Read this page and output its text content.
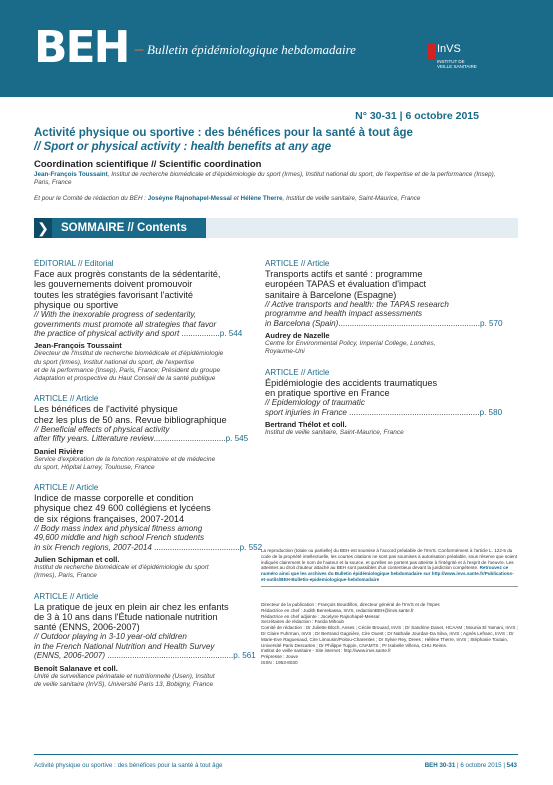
BEH --- Bulletin épidémiologique hebdomadaire	InVS
INSTITUT DE VEILLE SANITAIRE
N° 30-31 | 6 octobre 2015
Activité physique ou sportive : des bénéfices pour la santé à tout âge
// Sport or physical activity : health benefits at any age
Coordination scientifique // Scientific coordination
Jean-François Toussaint, Institut de recherche biomédicale et d'épidémiologie du sport (Irmes), Institut national du sport, de l'expertise et de la performance (Insep), Paris, France
Et pour le Comité de rédaction du BEH : Joséyne Rajnohapel-Messaï et Hélène Therre, Institut de veille sanitaire, Saint-Maurice, France
❯	SOMMAIRE // Contents

ÉDITORIAL // Editorial

Face aux progrès constants de la sédentarité,

les gouvernements doivent promouvoir

toutes les stratégies favorisant l'activité

physique ou sportive

// With the inexorable progress of sedentarity,

governments must promote all strategies that favor

the practice of physical activity and sport .................p. 544

Jean-François Toussaint

Directeur de l'Institut de recherche biomédicale et d'épidémiologie

du sport (Irmes), Institut national du sport, de l'expertise

et de la performance (Insep), Paris, France; Président du groupe

Adaptation et prospective du Haut Conseil de la santé publique

ARTICLE // Article

Les bénéfices de l'activité physique

chez les plus de 50 ans. Revue bibliographique

// Beneficial effects of physical activity

after fifty years. Litterature review................................p. 545

Daniel Rivière

Service d'exploration de la fonction respiratoire et de médecine

du sport, Hôpital Larrey, Toulouse, France

ARTICLE // Article

Indice de masse corporelle et condition

physique chez 49 600 collégiens et lycéens

de six régions françaises, 2007-2014

// Body mass index and physical fitness among

49,600 middle and high school French students

in six French regions, 2007-2014 ......................................p. 552

Julien Schipman et coll.

Institut de recherche biomédicale et d'épidémiologie du sport

(Irmes), Paris, France

ARTICLE // Article

La pratique de jeux en plein air chez les enfants

de 3 à 10 ans dans l'Étude nationale nutrition

santé (ENNS, 2006-2007)

// Outdoor playing in 3-10 year-old children

in the French National Nutrition and Health Survey

(ENNS, 2006-2007) ........................................................p. 561

Benoît Salanave et coll.

Unité de surveillance périnatale et nutritionnelle (Usen), Institut

de veille sanitaire (InVS), Université Paris 13, Bobigny, France

ARTICLE // Article

Transports actifs et santé : programme

européen TAPAS et évaluation d'impact

sanitaire à Barcelone (Espagne)

// Active transports and health: the TAPAS research

programme and health impact assessments

in Barcelona (Spain)...............................................................p. 570

Audrey de Nazelle

Centre for Environmental Policy, Imperial College, Londres,

Royaume-Uni

ARTICLE // Article

Épidémiologie des accidents traumatiques

en pratique sportive en France

// Epidemiology of traumatic

sport injuries in France ..........................................................p. 580

Bertrand Thélot et coll.

Institut de veille sanitaire, Saint-Maurice, France

La reproduction (totale ou partielle) du BEH est soumise à l'accord préalable de l'InVS. Conformément à l'article L. 122-5 du code de la propriété intellectuelle, les courtes citations ne sont pas soumises à autorisation préalable, sous réserve que soient indiqués clairement le nom de l'auteur et la source, et qu'elles ne portent pas atteinte à l'intégrité et à l'esprit de l'oeuvre. Les atteintes au droit d'auteur attaché au BEH sont passibles d'un contentieux devant la juridiction compétente. Retrouvez ce numéro ainsi que les archives du Bulletin épidémiologique hebdomadaire sur http://www.invs.sante.fr/Publications-et-outils/BEH-Bulletin-epidemiologique-hebdomadaire
Directeur de la publication : François Bourdillon, directeur général de l'InVS et de l'Inpes
Rédactrice en chef : Judith Benrekassa, InVS, redactionBEH@invs.sante.fr
Rédactrice en chef adjointe : Jocelyne Rajnohapel-Messaï
Secrétaires de rédaction : Farida Mihoub
Comité de rédaction : Dr Juliette Bloch, Anses ; Cécile Brouard, InVS ; Dr Sandrine Danet, HCAAM ; Mounia El Yamani, InVS ; Dr Claire Fuhrman, InVS ; Dr Bertrand Gagnière, Cire Ouest ; Dr Nathalie Jourdan-Da Silva, InVS ; Agnès Lefranc, InVS ; Dr Marie-Eve Raguenaud, Cire Limousin/Poitou-Charentes ; Dr Sylvie Rey, Drees ; Hélène Therre, InVS ; Stéphanie Toutain, Université Paris Descartes ; Dr Philippe Tuppin, CNAMTS ; Pr Isabelle Villena, CHU Reims.
Institut de veille sanitaire - Site internet : http://www.invs.sante.fr
Prépresse : Jouve
ISSN : 1953-8030
Activité physique ou sportive : des bénéfices pour la santé à tout âge	BEH 30-31 | 6 octobre 2015 | 543
